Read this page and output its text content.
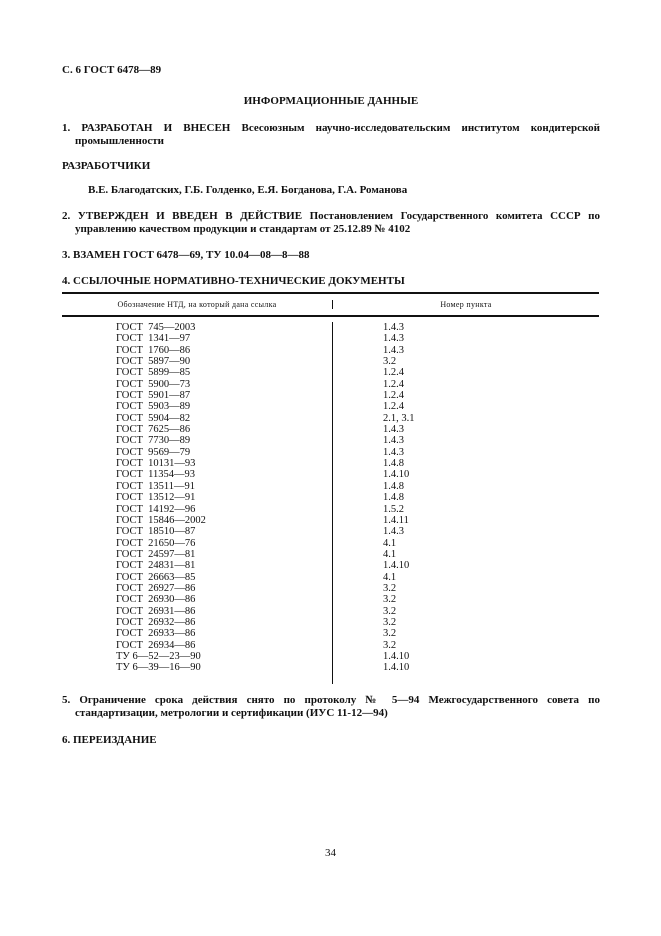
С. 6 ГОСТ 6478—89
ИНФОРМАЦИОННЫЕ ДАННЫЕ
1. РАЗРАБОТАН И ВНЕСЕН Всесоюзным научно-исследовательским институтом кондитерской промышленности
РАЗРАБОТЧИКИ
В.Е. Благодатских, Г.Б. Голденко, Е.Я. Богданова, Г.А. Романова
2. УТВЕРЖДЕН И ВВЕДЕН В ДЕЙСТВИЕ Постановлением Государственного комитета СССР по управлению качеством продукции и стандартам от 25.12.89 № 4102
3. ВЗАМЕН ГОСТ 6478—69, ТУ 10.04—08—8—88
4. ССЫЛОЧНЫЕ НОРМАТИВНО-ТЕХНИЧЕСКИЕ ДОКУМЕНТЫ
Обозначение НТД, на который дана ссылка	Номер пункта
ГОСТ  745—2003	1.4.3
ГОСТ  1341—97	1.4.3
ГОСТ  1760—86	1.4.3
ГОСТ  5897—90	3.2
ГОСТ  5899—85	1.2.4
ГОСТ  5900—73	1.2.4
ГОСТ  5901—87	1.2.4
ГОСТ  5903—89	1.2.4
ГОСТ  5904—82	2.1, 3.1
ГОСТ  7625—86	1.4.3
ГОСТ  7730—89	1.4.3
ГОСТ  9569—79	1.4.3
ГОСТ  10131—93	1.4.8
ГОСТ  11354—93	1.4.10
ГОСТ  13511—91	1.4.8
ГОСТ  13512—91	1.4.8
ГОСТ  14192—96	1.5.2
ГОСТ  15846—2002	1.4.11
ГОСТ  18510—87	1.4.3
ГОСТ  21650—76	4.1
ГОСТ  24597—81	4.1
ГОСТ  24831—81	1.4.10
ГОСТ  26663—85	4.1
ГОСТ  26927—86	3.2
ГОСТ  26930—86	3.2
ГОСТ  26931—86	3.2
ГОСТ  26932—86	3.2
ГОСТ  26933—86	3.2
ГОСТ  26934—86	3.2
ТУ 6—52—23—90	1.4.10
ТУ 6—39—16—90	1.4.10
5. Ограничение срока действия снято по протоколу № 5—94 Межгосударственного совета по стандартизации, метрологии и сертификации (ИУС 11-12—94)
6. ПЕРЕИЗДАНИЕ
34
